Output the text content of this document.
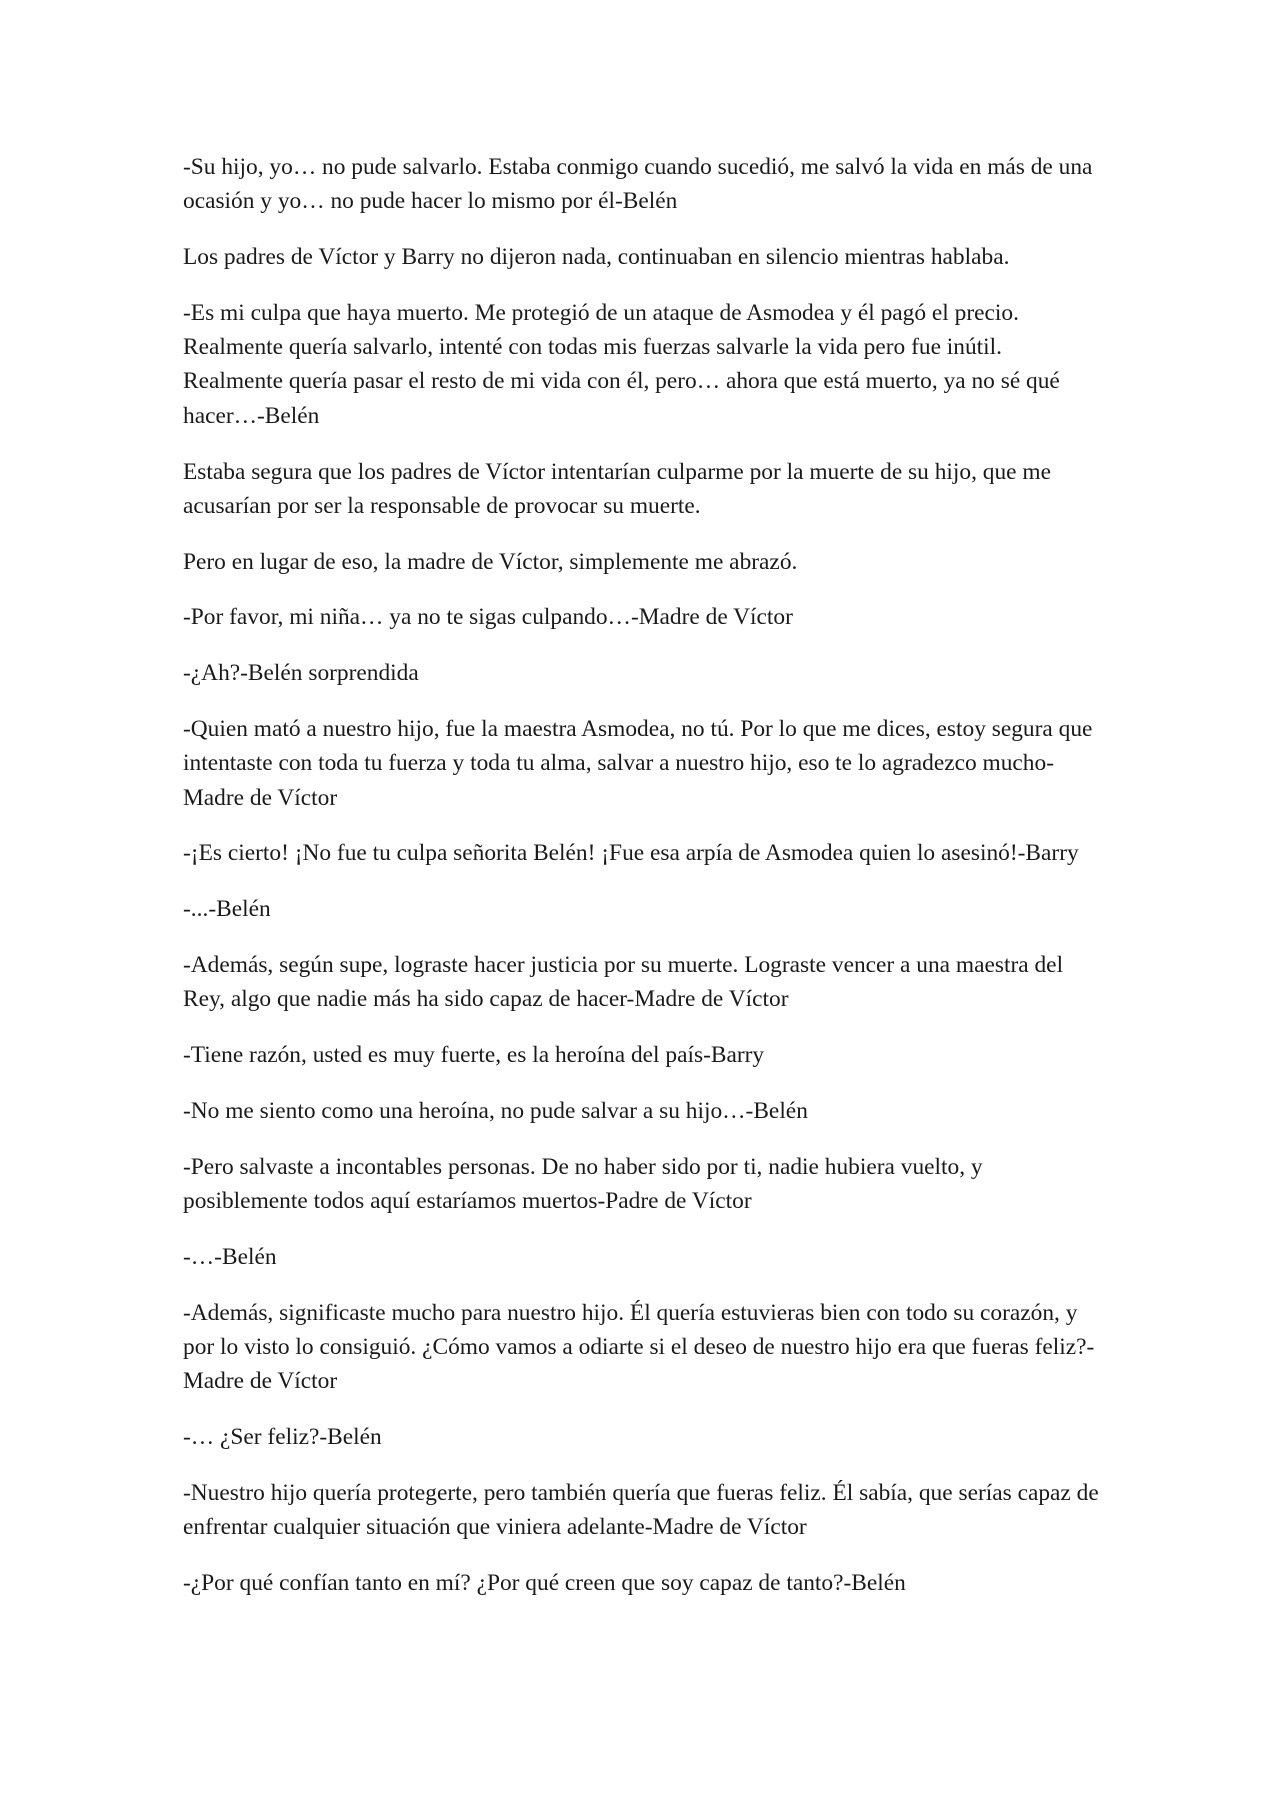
-Su hijo, yo… no pude salvarlo. Estaba conmigo cuando sucedió, me salvó la vida en más de una ocasión y yo… no pude hacer lo mismo por él-Belén

Los padres de Víctor y Barry no dijeron nada, continuaban en silencio mientras hablaba.

-Es mi culpa que haya muerto. Me protegió de un ataque de Asmodea y él pagó el precio. Realmente quería salvarlo, intenté con todas mis fuerzas salvarle la vida pero fue inútil. Realmente quería pasar el resto de mi vida con él, pero… ahora que está muerto, ya no sé qué hacer…-Belén

Estaba segura que los padres de Víctor intentarían culparme por la muerte de su hijo, que me acusarían por ser la responsable de provocar su muerte.

Pero en lugar de eso, la madre de Víctor, simplemente me abrazó.

-Por favor, mi niña… ya no te sigas culpando…-Madre de Víctor

-¿Ah?-Belén sorprendida

-Quien mató a nuestro hijo, fue la maestra Asmodea, no tú. Por lo que me dices, estoy segura que intentaste con toda tu fuerza y toda tu alma, salvar a nuestro hijo, eso te lo agradezco mucho-Madre de Víctor

-¡Es cierto! ¡No fue tu culpa señorita Belén! ¡Fue esa arpía de Asmodea quien lo asesinó!-Barry

-...-Belén

-Además, según supe, lograste hacer justicia por su muerte. Lograste vencer a una maestra del Rey, algo que nadie más ha sido capaz de hacer-Madre de Víctor

-Tiene razón, usted es muy fuerte, es la heroína del país-Barry

-No me siento como una heroína, no pude salvar a su hijo…-Belén

-Pero salvaste a incontables personas. De no haber sido por ti, nadie hubiera vuelto, y posiblemente todos aquí estaríamos muertos-Padre de Víctor

-…-Belén

-Además, significaste mucho para nuestro hijo. Él quería estuvieras bien con todo su corazón, y por lo visto lo consiguió. ¿Cómo vamos a odiarte si el deseo de nuestro hijo era que fueras feliz?-Madre de Víctor

-… ¿Ser feliz?-Belén

-Nuestro hijo quería protegerte, pero también quería que fueras feliz. Él sabía, que serías capaz de enfrentar cualquier situación que viniera adelante-Madre de Víctor

-¿Por qué confían tanto en mí? ¿Por qué creen que soy capaz de tanto?-Belén
